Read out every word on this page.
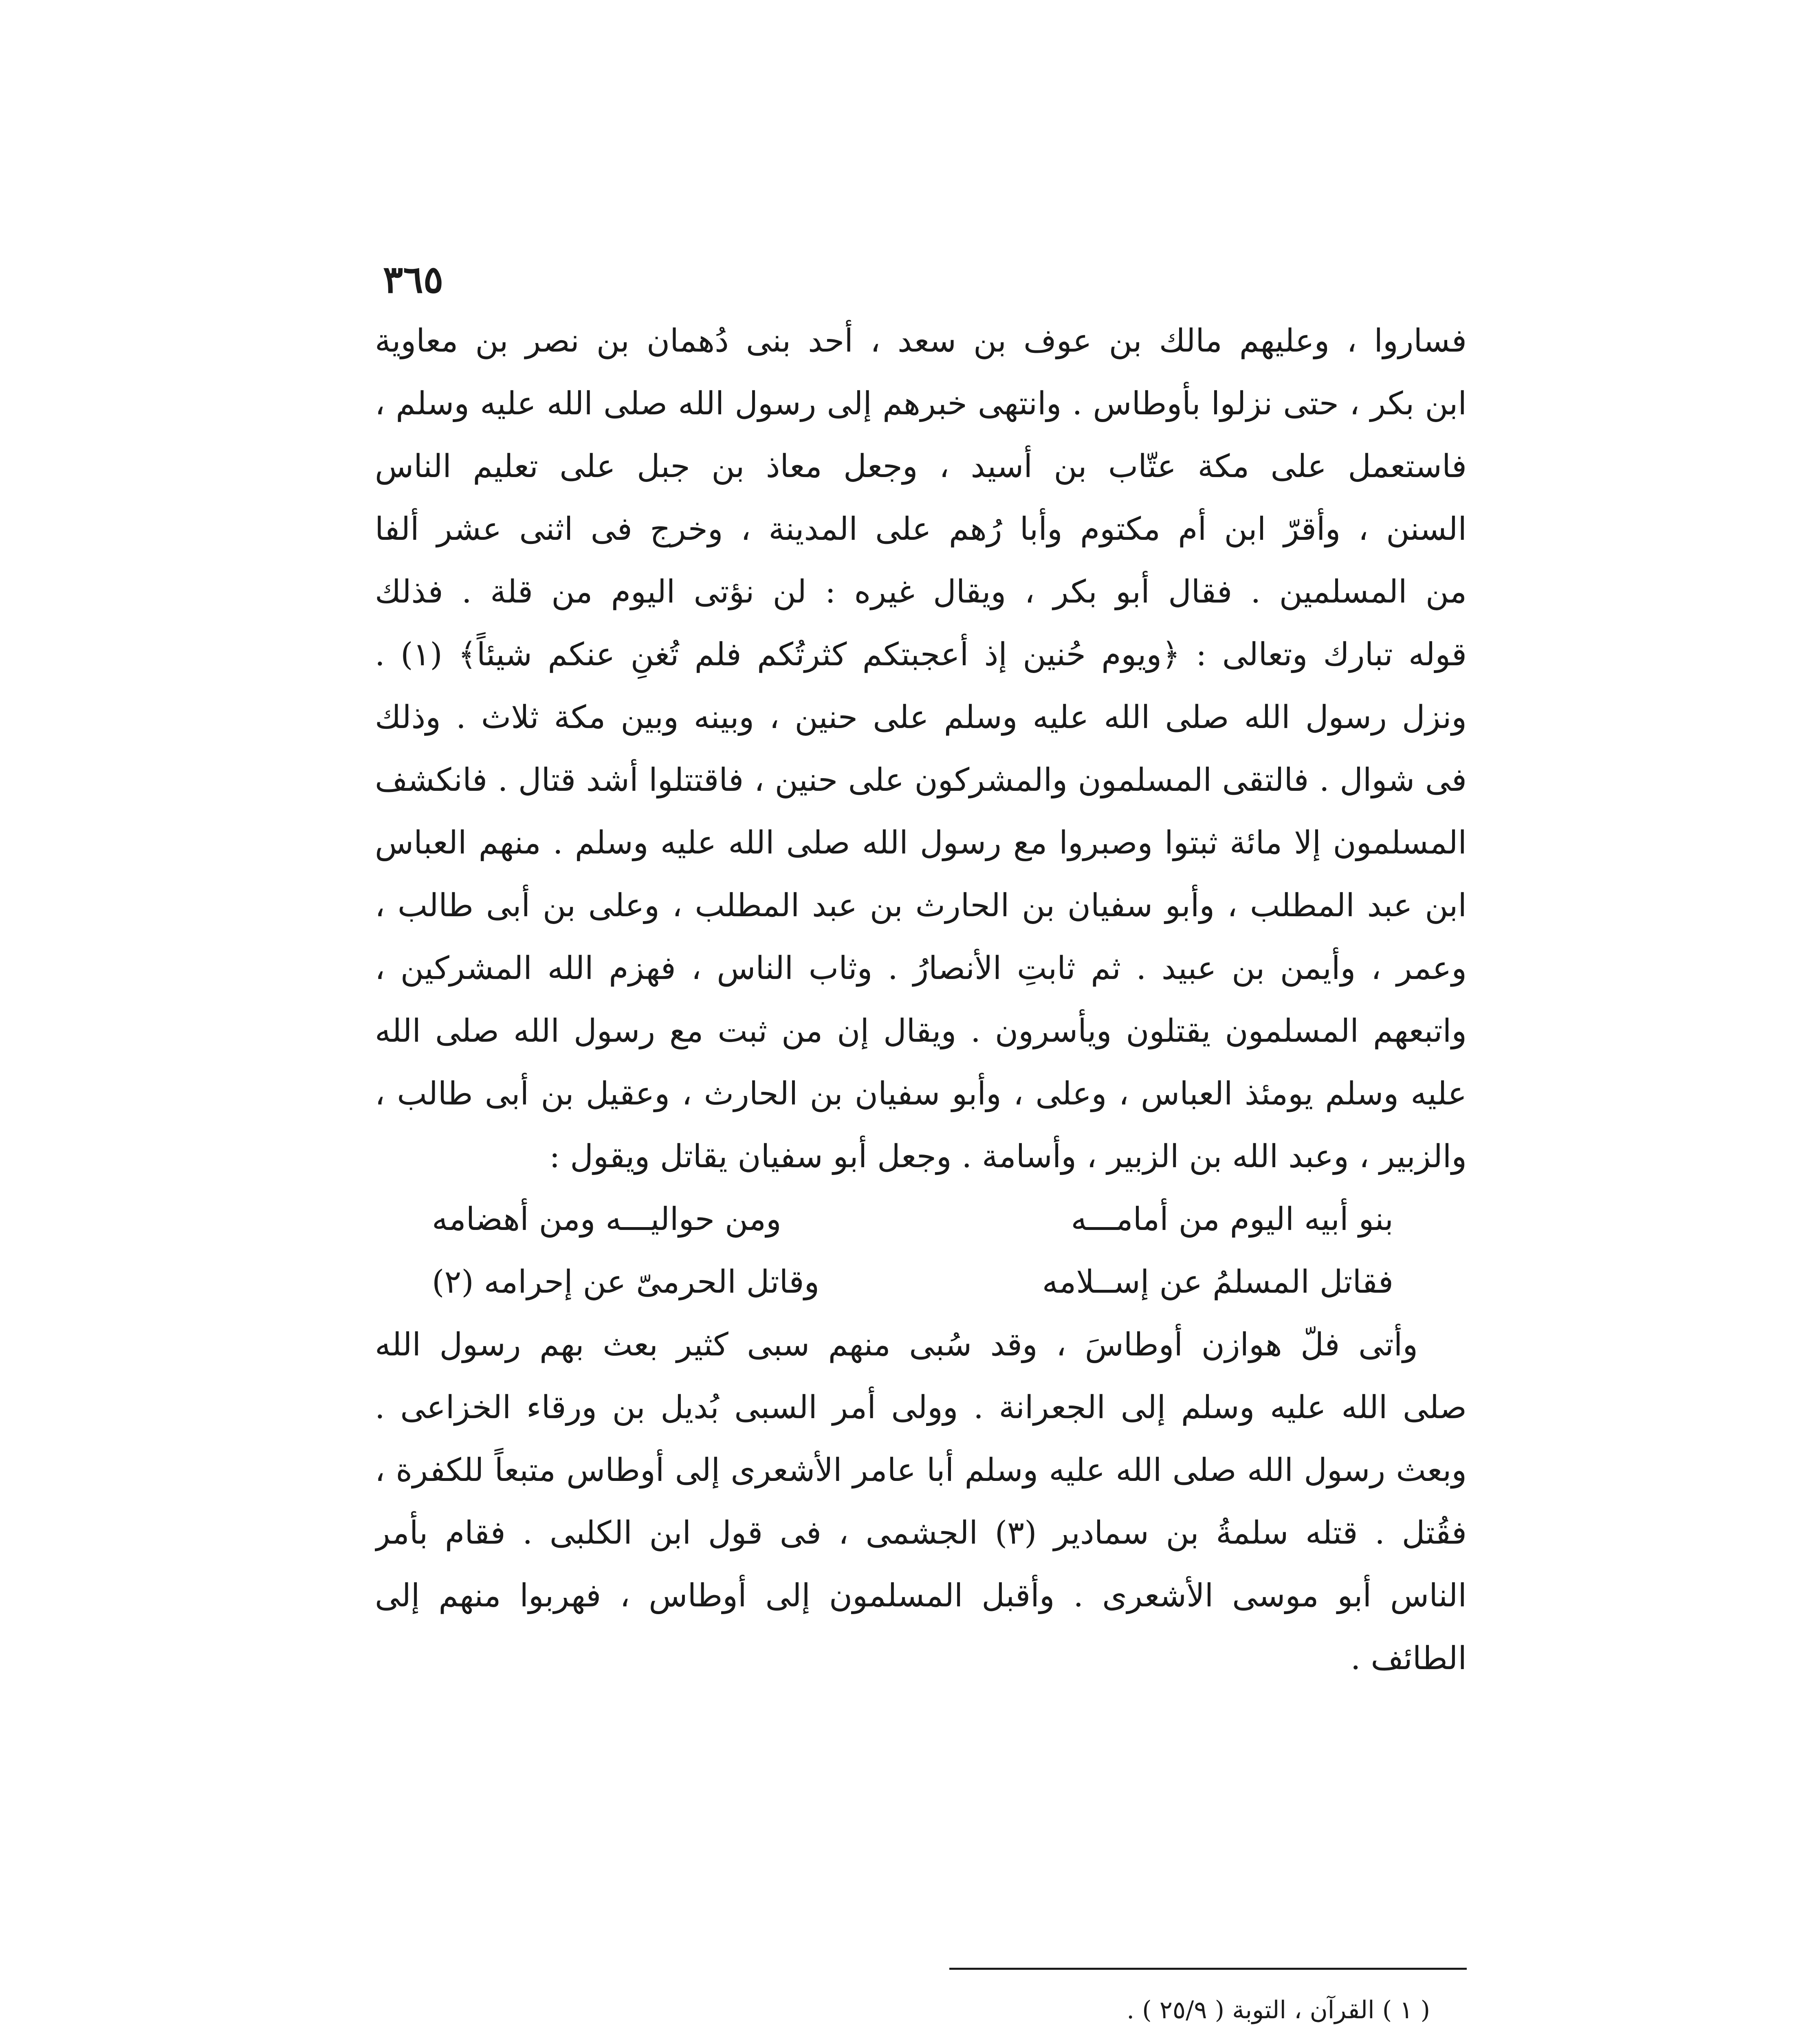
٣٦٥
فساروا ، وعليهم مالك بن عوف بن سعد ، أحد بنى دُهمان بن نصر بن معاوية
ابن بكر ، حتى نزلوا بأوطاس . وانتهى خبرهم إلى رسول الله صلى الله عليه وسلم ،
فاستعمل على مكة عتّاب بن أسيد ، وجعل معاذ بن جبل على تعليم الناس
السنن ، وأقرّ ابن أم مكتوم وأبا رُهم على المدينة ، وخرج فى اثنى عشر ألفا
من المسلمين . فقال أبو بكر ، ويقال غيره : لن نؤتى اليوم من قلة . فذلك
قوله تبارك وتعالى : ﴿ويوم حُنين إذ أعجبتكم كثرتُكم فلم تُغنِ عنكم شيئاً﴾ (١) .
ونزل رسول الله صلى الله عليه وسلم على حنين ، وبينه وبين مكة ثلاث . وذلك
فى شوال . فالتقى المسلمون والمشركون على حنين ، فاقتتلوا أشد قتال . فانكشف
المسلمون إلا مائة ثبتوا وصبروا مع رسول الله صلى الله عليه وسلم . منهم العباس
ابن عبد المطلب ، وأبو سفيان بن الحارث بن عبد المطلب ، وعلى بن أبى طالب ،
وعمر ، وأيمن بن عبيد . ثم ثابتِ الأنصارُ . وثاب الناس ، فهزم الله المشركين ،
واتبعهم المسلمون يقتلون ويأسرون . ويقال إن من ثبت مع رسول الله صلى الله
عليه وسلم يومئذ العباس ، وعلى ، وأبو سفيان بن الحارث ، وعقيل بن أبى طالب ،
والزبير ، وعبد الله بن الزبير ، وأسامة . وجعل أبو سفيان يقاتل ويقول :
بنو أبيه اليوم من أمامـــه
ومن حواليـــه ومن أهضامه
فقاتل المسلمُ عن إســلامه
وقاتل الحرمىّ عن إحرامه (٢)
وأتى فلّ هوازن أوطاسَ ، وقد سُبى منهم سبى كثير بعث بهم رسول الله
صلى الله عليه وسلم إلى الجعرانة . وولى أمر السبى بُديل بن ورقاء الخزاعى .
وبعث رسول الله صلى الله عليه وسلم أبا عامر الأشعرى إلى أوطاس متبعاً للكفرة ،
فقُتل . قتله سلمةُ بن سمادير (٣) الجشمى ، فى قول ابن الكلبى . فقام بأمر
الناس أبو موسى الأشعرى . وأقبل المسلمون إلى أوطاس ، فهربوا منهم إلى
الطائف .
( ١ ) القرآن ، التوبة ( ٢٥/٩ ) .
